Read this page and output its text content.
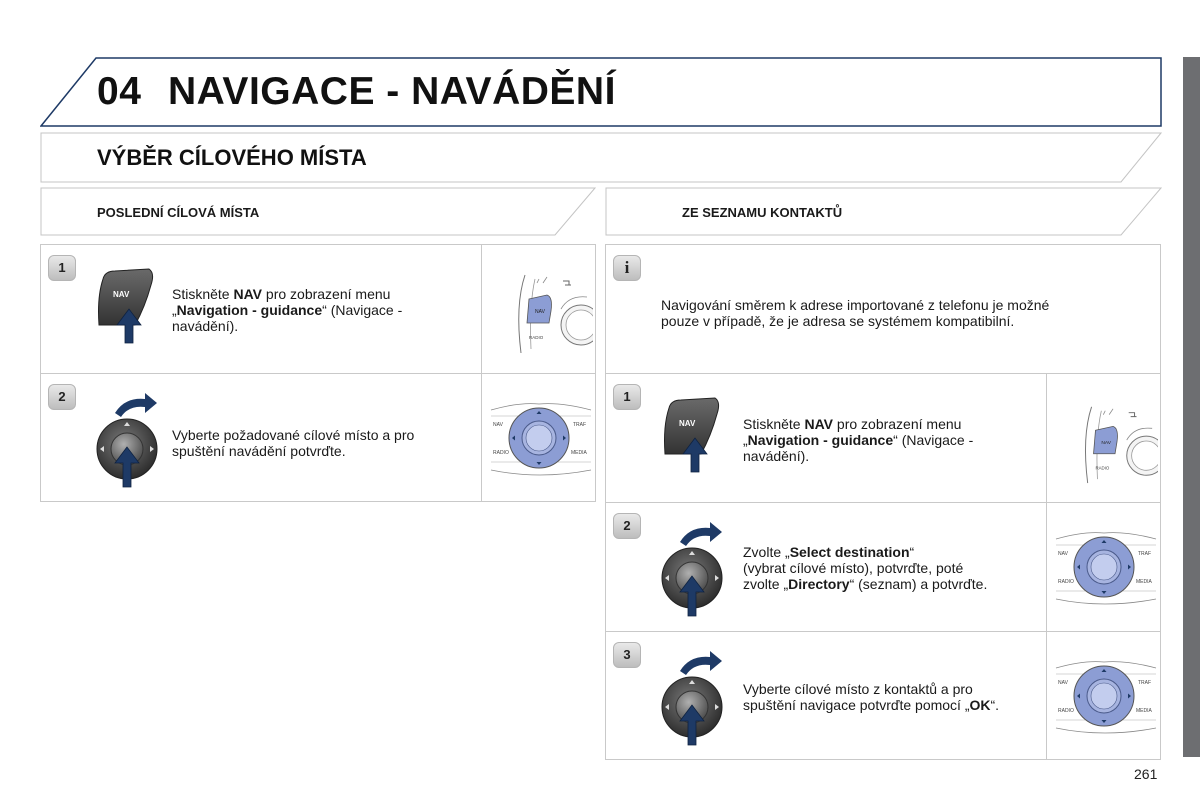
04 NAVIGACE - NAVÁDĚNÍ
VÝBĚR CÍLOVÉHO MÍSTA
POSLEDNÍ CÍLOVÁ MÍSTA	ZE SEZNAMU KONTAKTŮ
1
NAV	Stiskněte NAV pro zobrazení menu
„Navigation - guidance“ (Navigace -
navádění).
NAV
RADIO
2
Vyberte požadované cílové místo a pro
spuštění navádění potvrďte.
NAV	TRAF
RADIO	MEDIA
i
Navigování směrem k adrese importované z telefonu je možné
pouze v případě, že je adresa se systémem kompatibilní.
1
NAV	Stiskněte NAV pro zobrazení menu
„Navigation - guidance“ (Navigace -
navádění).
NAV
RADIO
2
Zvolte „Select destination“
(vybrat cílové místo), potvrďte, poté
zvolte „Directory“ (seznam) a potvrďte.
NAV	TRAF
RADIO	MEDIA
3
Vyberte cílové místo z kontaktů a pro
spuštění navigace potvrďte pomocí „OK“.
NAV	TRAF
RADIO	MEDIA
261
